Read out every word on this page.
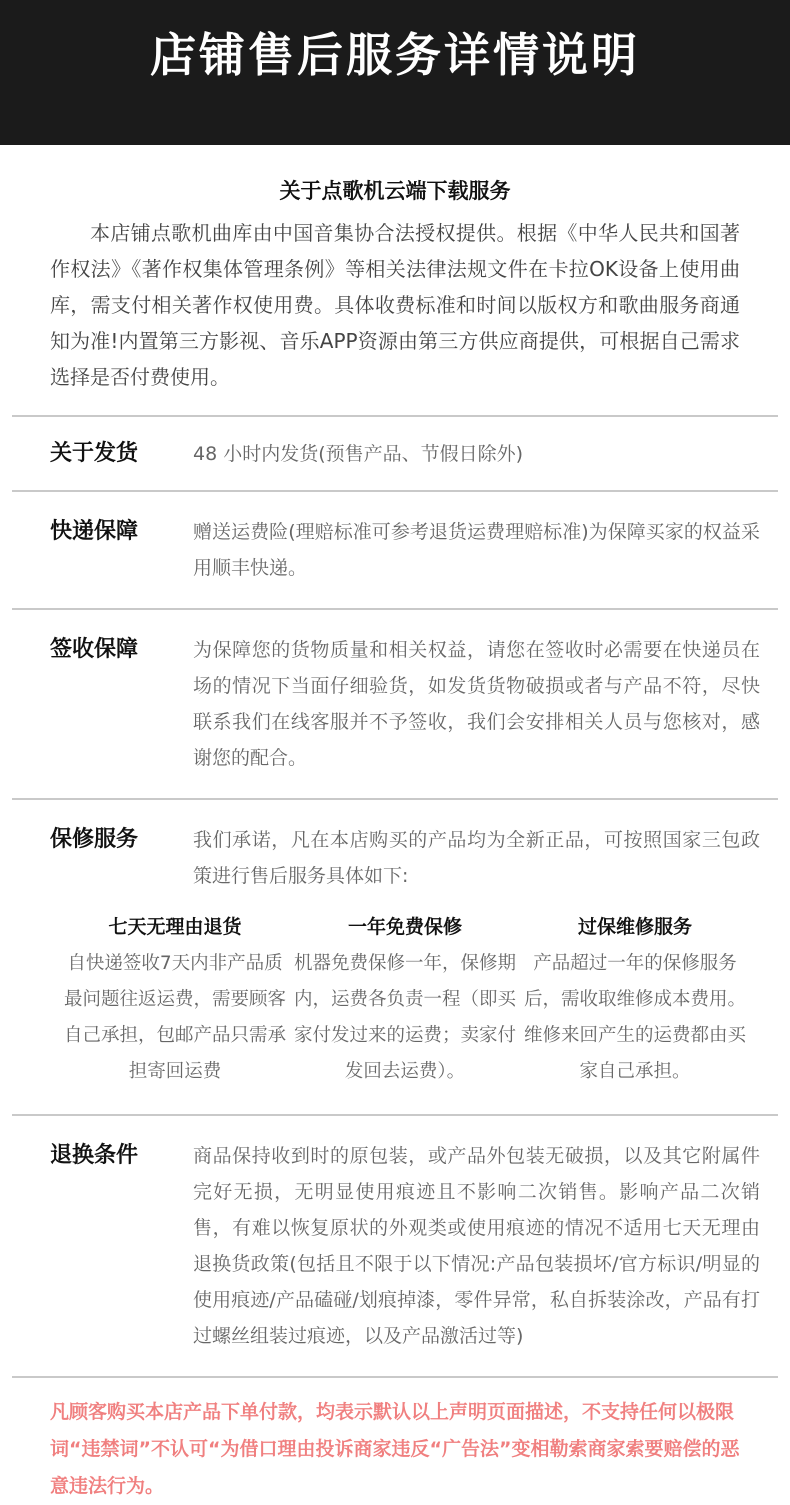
店铺售后服务详情说明
关于点歌机云端下载服务

本店铺点歌机曲库由中国音集协合法授权提供。根据《中华人民共和国著作权法》《著作权集体管理条例》等相关法律法规文件在卡拉OK设备上使用曲库，需支付相关著作权使用费。具体收费标准和时间以版权方和歌曲服务商通知为准!内置第三方影视、音乐APP资源由第三方供应商提供，可根据自己需求选择是否付费使用。

关于发货	48 小时内发货(预售产品、节假日除外)
快递保障	赠送运费险(理赔标准可参考退货运费理赔标准)为保障买家的权益采用顺丰快递。
签收保障	为保障您的货物质量和相关权益，请您在签收时必需要在快递员在场的情况下当面仔细验货，如发货货物破损或者与产品不符，尽快联系我们在线客服并不予签收，我们会安排相关人员与您核对，感谢您的配合。
保修服务	我们承诺，凡在本店购买的产品均为全新正品，可按照国家三包政策进行售后服务具体如下:
七天无理由退货

自快递签收7天内非产品质最问题往返运费，需要顾客自己承担，包邮产品只需承担寄回运费

一年免费保修

机器免费保修一年，保修期内，运费各负责一程（即买家付发过来的运费；卖家付发回去运费）。

过保维修服务

产品超过一年的保修服务后，需收取维修成本费用。维修来回产生的运费都由买家自己承担。

退换条件	商品保持收到时的原包装，或产品外包装无破损，以及其它附属件完好无损，无明显使用痕迹且不影响二次销售。影响产品二次销售，有难以恢复原状的外观类或使用痕迹的情况不适用七天无理由退换货政策(包括且不限于以下情况:产品包装损坏/官方标识/明显的使用痕迹/产品磕碰/划痕掉漆，零件异常，私自拆装涂改，产品有打过螺丝组装过痕迹，以及产品激活过等)
凡顾客购买本店产品下单付款，均表示默认以上声明页面描述，不支持任何以极限词“违禁词”不认可“为借口理由投诉商家违反“广告法”变相勒索商家索要赔偿的恶意违法行为。
